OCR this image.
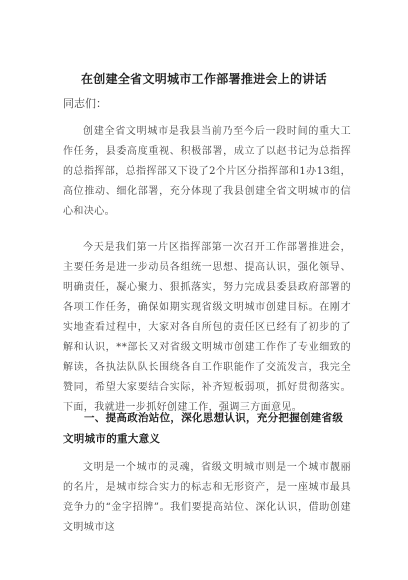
在创建全省文明城市工作部署推进会上的讲话
同志们：

创建全省文明城市是我县当前乃至今后一段时间的重大工作任务，县委高度重视、积极部署，成立了以赵书记为总指挥的总指挥部，总指挥部又下设了2个片区分指挥部和1办13组，高位推动、细化部署，充分体现了我县创建全省文明城市的信心和决心。

今天是我们第一片区指挥部第一次召开工作部署推进会，主要任务是进一步动员各组统一思想、提高认识，强化领导、明确责任，凝心聚力、狠抓落实，努力完成县委县政府部署的各项工作任务，确保如期实现省级文明城市创建目标。在刚才实地查看过程中，大家对各自所包的责任区已经有了初步的了解和认识，**部长又对省级文明城市创建工作作了专业细致的解读，各执法队队长围绕各自工作职能作了交流发言，我完全赞同，希望大家要结合实际，补齐短板弱项，抓好贯彻落实。下面，我就进一步抓好创建工作，强调三方面意见。

一、提高政治站位，深化思想认识，充分把握创建省级文明城市的重大意义

文明是一个城市的灵魂，省级文明城市则是一个城市靓丽的名片，是城市综合实力的标志和无形资产，是一座城市最具竞争力的“金字招牌”。我们要提高站位、深化认识，借助创建文明城市这
